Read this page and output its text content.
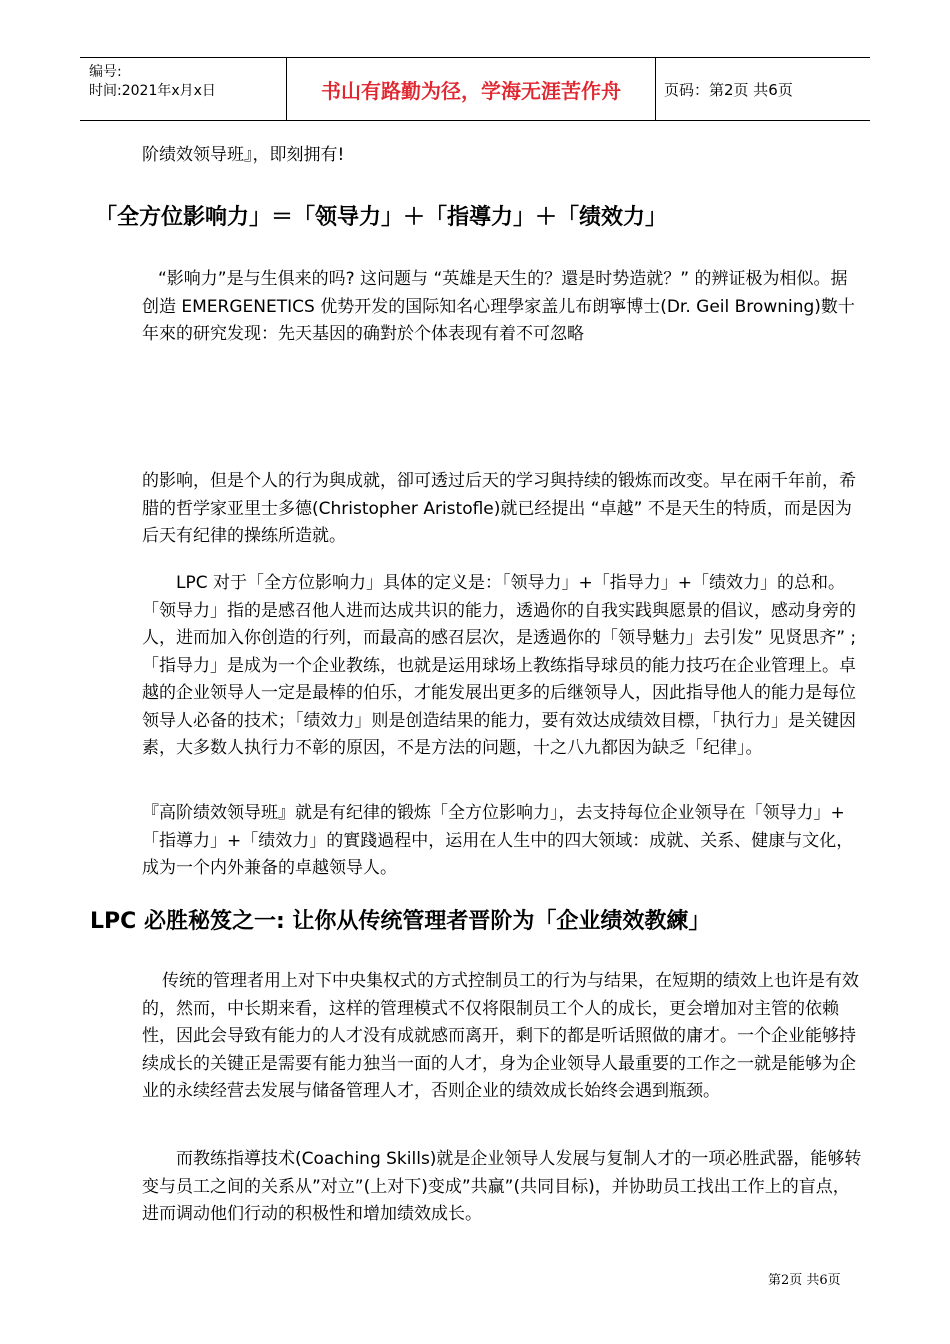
编号:
时间:2021年x月x日	书山有路勤为径，学海无涯苦作舟	页码：第2页 共6页

阶绩效领导班』，即刻拥有!

「全方位影响力」＝「领导力」＋「指導力」＋「绩效力」

“影响力”是与生俱来的吗? 这问题与 “英雄是天生的？還是时势造就？” 的辨证极为相似。据创造 EMERGENETICS 优势开发的国际知名心理學家盖儿布朗寧博士(Dr. Geil Browning)數十年來的研究发现：先天基因的确對於个体表现有着不可忽略

的影响，但是个人的行为與成就，卻可透过后天的学习與持续的锻炼而改变。早在兩千年前，希腊的哲学家亚里士多德(Christopher Aristofle)就已经提出 “卓越” 不是天生的特质，而是因为后天有纪律的操练所造就。

LPC 对于「全方位影响力」具体的定义是：「领导力」+「指导力」+「绩效力」的总和。「领导力」指的是感召他人进而达成共识的能力，透過你的自我实践與愿景的倡议，感动身旁的人，进而加入你创造的行列，而最高的感召层次，是透過你的「领导魅力」去引发” 见贤思齐” ;「指导力」是成为一个企业教练，也就是运用球场上教练指导球员的能力技巧在企业管理上。卓越的企业领导人一定是最棒的伯乐，才能发展出更多的后继领导人，因此指导他人的能力是每位领导人必备的技术；「绩效力」则是创造结果的能力，要有效达成绩效目標，「执行力」是关键因素，大多数人执行力不彰的原因，不是方法的问题，十之八九都因为缺乏「纪律」。

『高阶绩效领导班』就是有纪律的锻炼「全方位影响力」，去支持每位企业领导在「领导力」+「指導力」+「绩效力」的實踐過程中，运用在人生中的四大领域：成就、关系、健康与文化，成为一个内外兼备的卓越领导人。

LPC 必胜秘笈之一: 让你从传统管理者晋阶为「企业绩效教練」

传统的管理者用上对下中央集权式的方式控制员工的行为与结果，在短期的绩效上也许是有效的，然而，中长期来看，这样的管理模式不仅将限制员工个人的成长，更会增加对主管的依赖性，因此会导致有能力的人才没有成就感而离开，剩下的都是听话照做的庸才。一个企业能够持续成长的关键正是需要有能力独当一面的人才，身为企业领导人最重要的工作之一就是能够为企业的永续经营去发展与储备管理人才，否则企业的绩效成长始终会遇到瓶颈。

而教练指導技术(Coaching Skills)就是企业领导人发展与复制人才的一项必胜武器，能够转变与员工之间的关系从”对立”(上对下)变成”共赢”(共同目标)，并协助员工找出工作上的盲点，进而调动他们行动的积极性和增加绩效成长。

第2页 共6页
